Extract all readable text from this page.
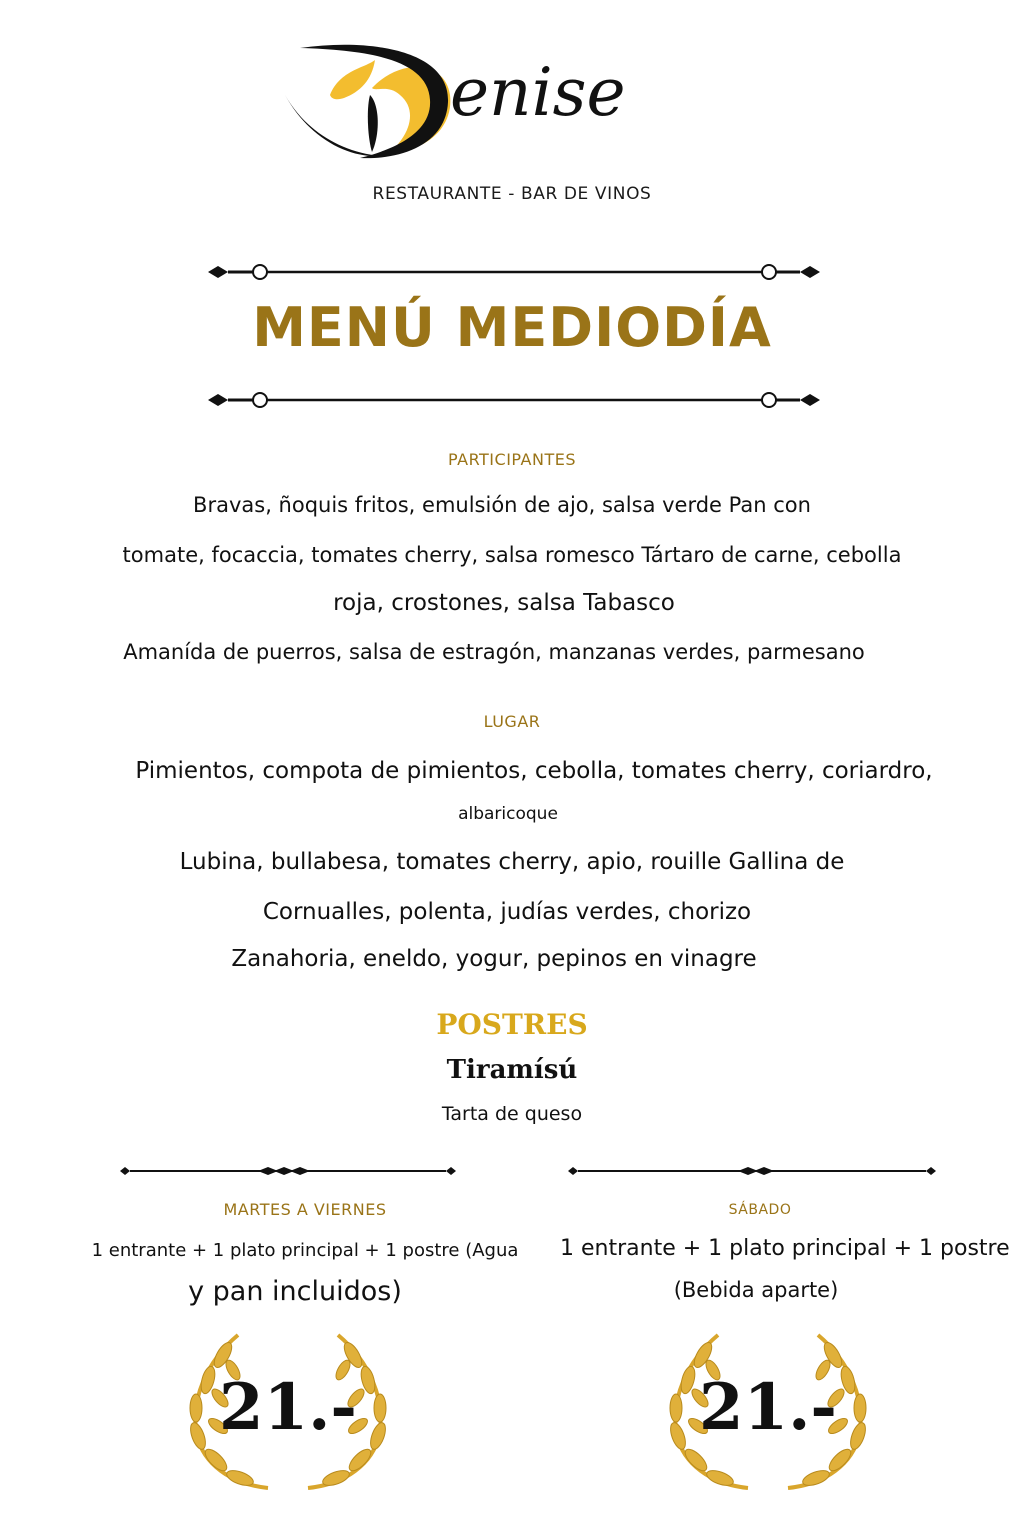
enise
RESTAURANTE - BAR DE VINOS
MENÚ MEDIODÍA
PARTICIPANTES
Bravas, ñoquis fritos, emulsión de ajo, salsa verde Pan con
tomate, focaccia, tomates cherry, salsa romesco Tártaro de carne, cebolla
roja, crostones, salsa Tabasco
Amanída de puerros, salsa de estragón, manzanas verdes, parmesano
LUGAR
Pimientos, compota de pimientos, cebolla, tomates cherry, coriardro,
albaricoque
Lubina, bullabesa, tomates cherry, apio, rouille Gallina de
Cornualles, polenta, judías verdes, chorizo
Zanahoria, eneldo, yogur, pepinos en vinagre
POSTRES
Tiramísú
Tarta de queso
MARTES A VIERNES
1 entrante + 1 plato principal + 1 postre (Agua
y pan incluidos)
SÁBADO
1 entrante + 1 plato principal + 1 postre
(Bebida aparte)
21.-	21.-
